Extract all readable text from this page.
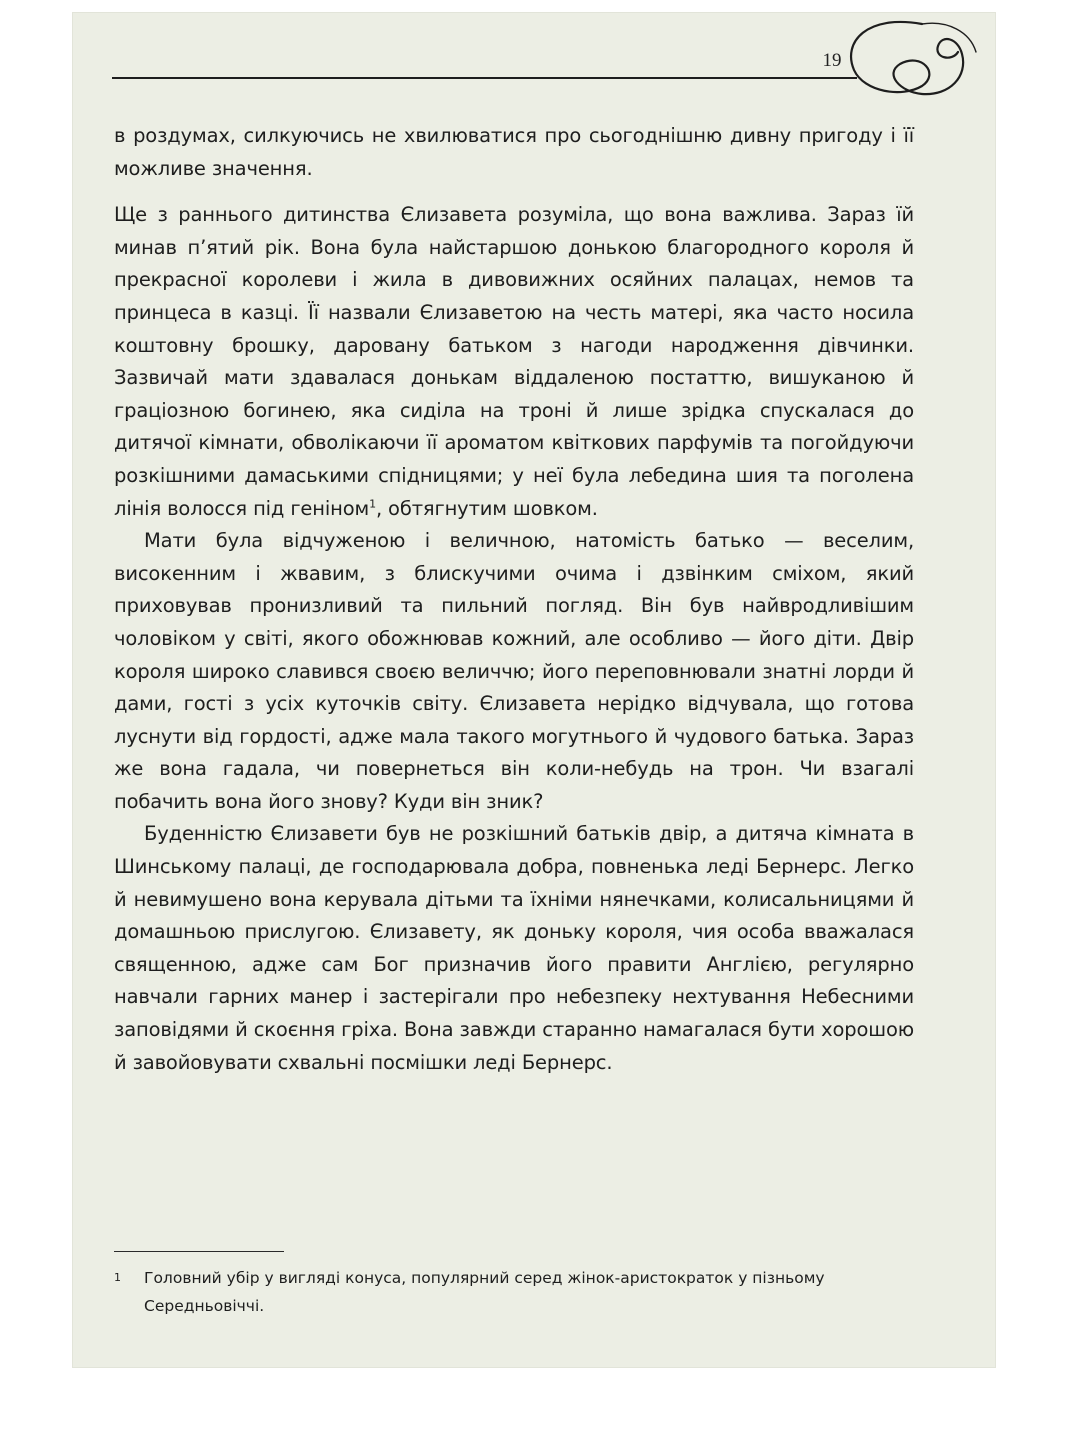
19

в роздумах, силкуючись не хвилюватися про сьогоднішню дивну пригоду і її можливе значення.

Ще з раннього дитинства Єлизавета розуміла, що вона важлива. Зараз їй минав п’ятий рік. Вона була найстаршою донькою благородного короля й прекрасної королеви і жила в дивовижних осяйних палацах, немов та принцеса в казці. Її назвали Єлизаветою на честь матері, яка часто носила коштовну брошку, даровану батьком з нагоди народження дівчинки. Зазвичай мати здавалася донькам віддаленою постаттю, вишуканою й граціозною богинею, яка сиділа на троні й лише зрідка спускалася до дитячої кімнати, обволікаючи її ароматом квіткових парфумів та погойдуючи розкішними дамаськими спідницями; у неї була лебедина шия та поголена лінія волосся під геніном$^1$, обтягнутим шовком.

Мати була відчуженою і величною, натомість батько — веселим, високенним і жвавим, з блискучими очима і дзвінким сміхом, який приховував пронизливий та пильний погляд. Він був найвродливішим чоловіком у світі, якого обожнював кожний, але особливо — його діти. Двір короля широко славився своєю величчю; його переповнювали знатні лорди й дами, гості з усіх куточків світу. Єлизавета нерідко відчувала, що готова луснути від гордості, адже мала такого могутнього й чудового батька. Зараз же вона гадала, чи повернеться він коли-небудь на трон. Чи взагалі побачить вона його знову? Куди він зник?

Буденністю Єлизавети був не розкішний батьків двір, а дитяча кімната в Шинському палаці, де господарювала добра, повненька леді Бернерс. Легко й невимушено вона керувала дітьми та їхніми нянечками, колисальницями й домашньою прислугою. Єлизавету, як доньку короля, чия особа вважалася священною, адже сам Бог призначив його правити Англією, регулярно навчали гарних манер і застерігали про небезпеку нехтування Небесними заповідями й скоєння гріха. Вона завжди старанно намагалася бути хорошою й завойовувати схвальні посмішки леді Бернерс.

1 Головний убір у вигляді конуса, популярний серед жінок-аристократок у пізньому Середньовіччі.
